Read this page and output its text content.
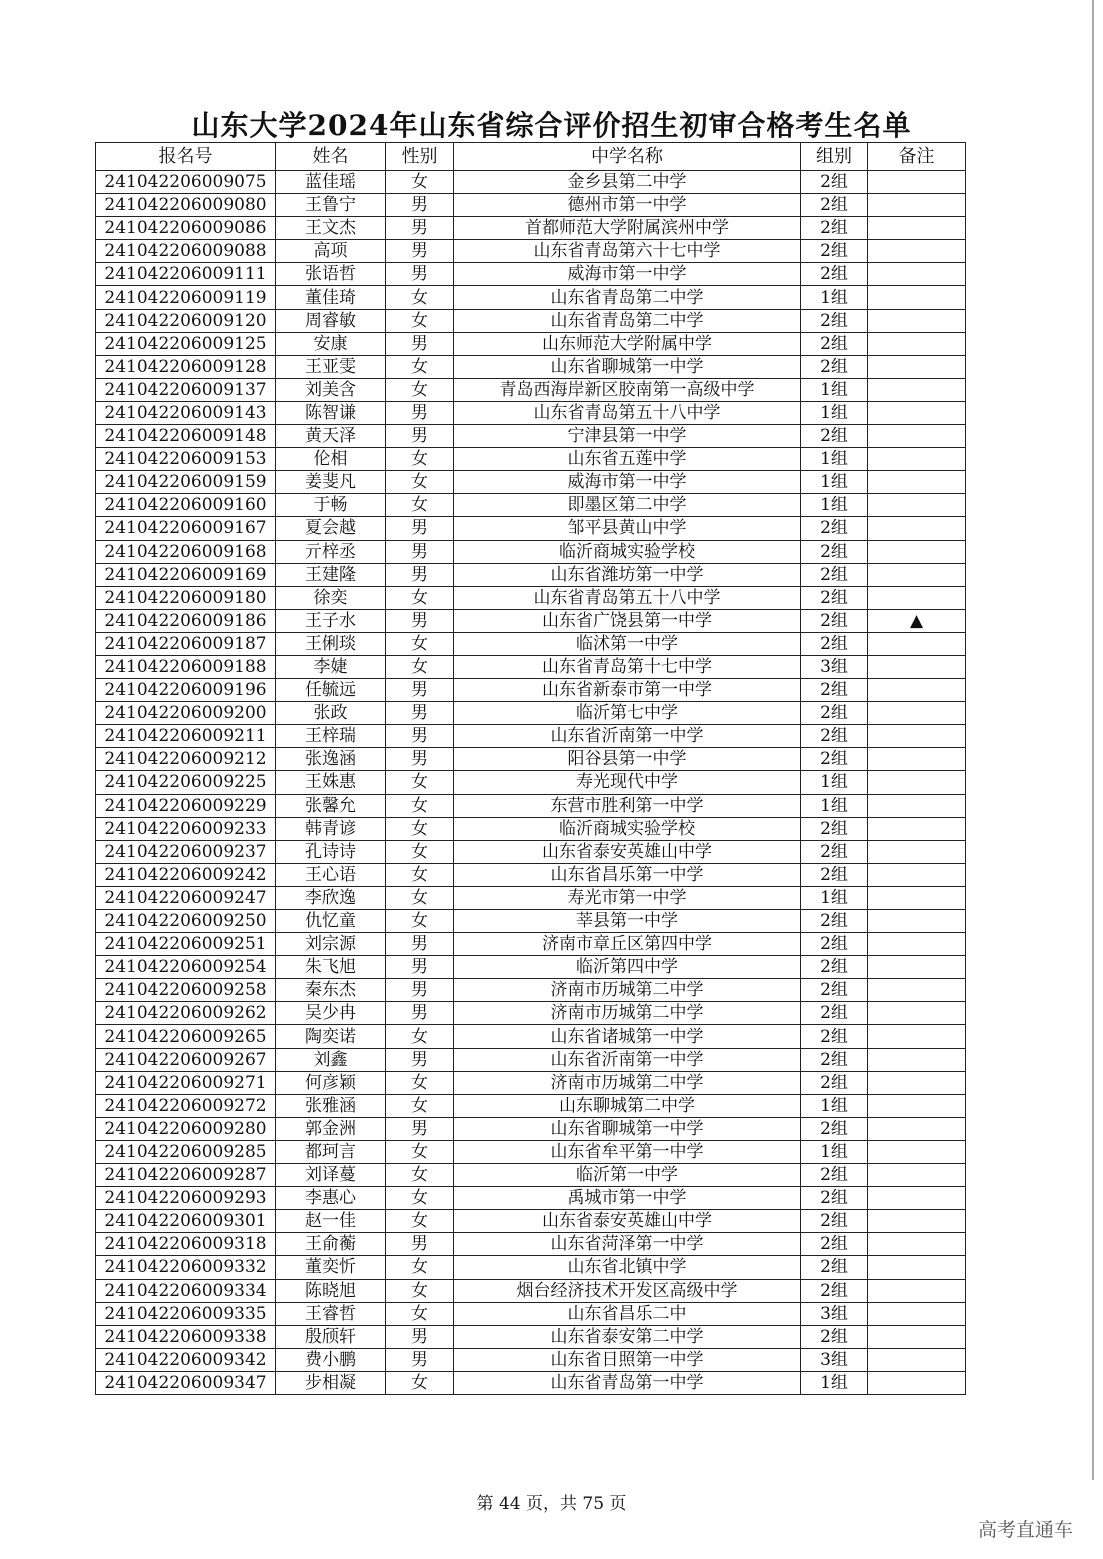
山东大学2024年山东省综合评价招生初审合格考生名单
报名号	姓名	性别	中学名称	组别	备注
241042206009075	蓝佳瑶	女	金乡县第二中学	2组	
241042206009080	王鲁宁	男	德州市第一中学	2组	
241042206009086	王文杰	男	首都师范大学附属滨州中学	2组	
241042206009088	高项	男	山东省青岛第六十七中学	2组	
241042206009111	张语哲	男	威海市第一中学	2组	
241042206009119	董佳琦	女	山东省青岛第二中学	1组	
241042206009120	周睿敏	女	山东省青岛第二中学	2组	
241042206009125	安康	男	山东师范大学附属中学	2组	
241042206009128	王亚雯	女	山东省聊城第一中学	2组	
241042206009137	刘美含	女	青岛西海岸新区胶南第一高级中学	1组	
241042206009143	陈智谦	男	山东省青岛第五十八中学	1组	
241042206009148	黄天泽	男	宁津县第一中学	2组	
241042206009153	伦相	女	山东省五莲中学	1组	
241042206009159	姜斐凡	女	威海市第一中学	1组	
241042206009160	于畅	女	即墨区第二中学	1组	
241042206009167	夏会越	男	邹平县黄山中学	2组	
241042206009168	亓梓丞	男	临沂商城实验学校	2组	
241042206009169	王建隆	男	山东省潍坊第一中学	2组	
241042206009180	徐奕	女	山东省青岛第五十八中学	2组	
241042206009186	王子水	男	山东省广饶县第一中学	2组	▲
241042206009187	王俐琰	女	临沭第一中学	2组	
241042206009188	李婕	女	山东省青岛第十七中学	3组	
241042206009196	任毓远	男	山东省新泰市第一中学	2组	
241042206009200	张政	男	临沂第七中学	2组	
241042206009211	王梓瑞	男	山东省沂南第一中学	2组	
241042206009212	张逸涵	男	阳谷县第一中学	2组	
241042206009225	王姝惠	女	寿光现代中学	1组	
241042206009229	张馨允	女	东营市胜利第一中学	1组	
241042206009233	韩青谚	女	临沂商城实验学校	2组	
241042206009237	孔诗诗	女	山东省泰安英雄山中学	2组	
241042206009242	王心语	女	山东省昌乐第一中学	2组	
241042206009247	李欣逸	女	寿光市第一中学	1组	
241042206009250	仇忆童	女	莘县第一中学	2组	
241042206009251	刘宗源	男	济南市章丘区第四中学	2组	
241042206009254	朱飞旭	男	临沂第四中学	2组	
241042206009258	秦东杰	男	济南市历城第二中学	2组	
241042206009262	吴少冉	男	济南市历城第二中学	2组	
241042206009265	陶奕诺	女	山东省诸城第一中学	2组	
241042206009267	刘鑫	男	山东省沂南第一中学	2组	
241042206009271	何彦颖	女	济南市历城第二中学	2组	
241042206009272	张雅涵	女	山东聊城第二中学	1组	
241042206009280	郭金洲	男	山东省聊城第一中学	2组	
241042206009285	都珂言	女	山东省牟平第一中学	1组	
241042206009287	刘译蔓	女	临沂第一中学	2组	
241042206009293	李惠心	女	禹城市第一中学	2组	
241042206009301	赵一佳	女	山东省泰安英雄山中学	2组	
241042206009318	王俞蘅	男	山东省菏泽第一中学	2组	
241042206009332	董奕忻	女	山东省北镇中学	2组	
241042206009334	陈晓旭	女	烟台经济技术开发区高级中学	2组	
241042206009335	王睿哲	女	山东省昌乐二中	3组	
241042206009338	殷颀轩	男	山东省泰安第二中学	2组	
241042206009342	费小鹏	男	山东省日照第一中学	3组	
241042206009347	步相凝	女	山东省青岛第一中学	1组	
第 44 页，共 75 页
高考直通车
